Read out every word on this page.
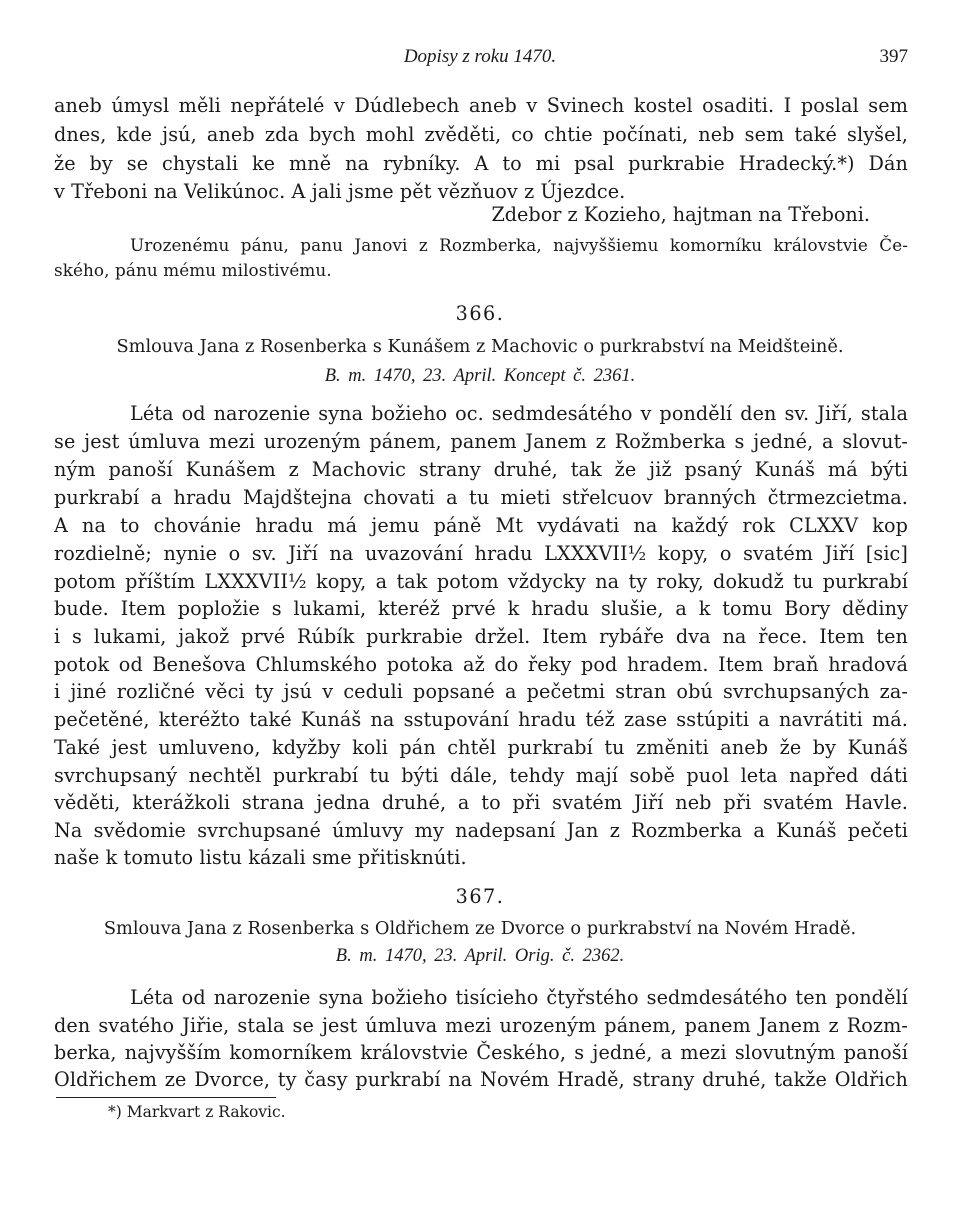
Dopisy z roku 1470.	397
aneb úmysl měli nepřátelé v Dúdlebech aneb v Svinech kostel osaditi. I poslal sem
dnes, kde jsú, aneb zda bych mohl zvěděti, co chtie počínati, neb sem také slyšel,
že by se chystali ke mně na rybníky. A to mi psal purkrabie Hradecký.*) Dán
v Třeboni na Velikúnoc. A jali jsme pět vězňuov z Újezdce.
Zdebor z Kozieho, hajtman na Třeboni.
Urozenému pánu, panu Janovi z Rozmberka, najvyššiemu komorníku královstvie Če-
ského, pánu mému milostivému.
366.
Smlouva Jana z Rosenberka s Kunášem z Machovic o purkrabství na Meidšteině.
B. m. 1470, 23. April. Koncept č. 2361.
Léta od narozenie syna božieho oc. sedmdesátého v pondělí den sv. Jiří, stala
se jest úmluva mezi urozeným pánem, panem Janem z Rožmberka s jedné, a slovut-
ným panoší Kunášem z Machovic strany druhé, tak že již psaný Kunáš má býti
purkrabí a hradu Majdštejna chovati a tu mieti střelcuov branných čtrmezcietma.
A na to chovánie hradu má jemu páně Mt vydávati na každý rok CLXXV kop
rozdielně; nynie o sv. Jiří na uvazování hradu LXXXVII½ kopy, o svatém Jiří [sic]
potom příštím LXXXVII½ kopy, a tak potom vždycky na ty roky, dokudž tu purkrabí
bude. Item popložie s lukami, kteréž prvé k hradu slušie, a k tomu Bory dědiny
i s lukami, jakož prvé Rúbík purkrabie držel. Item rybáře dva na řece. Item ten
potok od Benešova Chlumského potoka až do řeky pod hradem. Item braň hradová
i jiné rozličné věci ty jsú v ceduli popsané a pečetmi stran obú svrchupsaných za-
pečetěné, kteréžto také Kunáš na sstupování hradu též zase sstúpiti a navrátiti má.
Také jest umluveno, kdyžby koli pán chtěl purkrabí tu změniti aneb že by Kunáš
svrchupsaný nechtěl purkrabí tu býti dále, tehdy mají sobě puol leta napřed dáti
věděti, kterážkoli strana jedna druhé, a to při svatém Jiří neb při svatém Havle.
Na svědomie svrchupsané úmluvy my nadepsaní Jan z Rozmberka a Kunáš pečeti
naše k tomuto listu kázali sme přitisknúti.
367.
Smlouva Jana z Rosenberka s Oldřichem ze Dvorce o purkrabství na Novém Hradě.
B. m. 1470, 23. April. Orig. č. 2362.
Léta od narozenie syna božieho tisícieho čtyřstého sedmdesátého ten pondělí
den svatého Jiřie, stala se jest úmluva mezi urozeným pánem, panem Janem z Rozm-
berka, najvyšším komorníkem královstvie Českého, s jedné, a mezi slovutným panoší
Oldřichem ze Dvorce, ty časy purkrabí na Novém Hradě, strany druhé, takže Oldřich
*) Markvart z Rakovic.
